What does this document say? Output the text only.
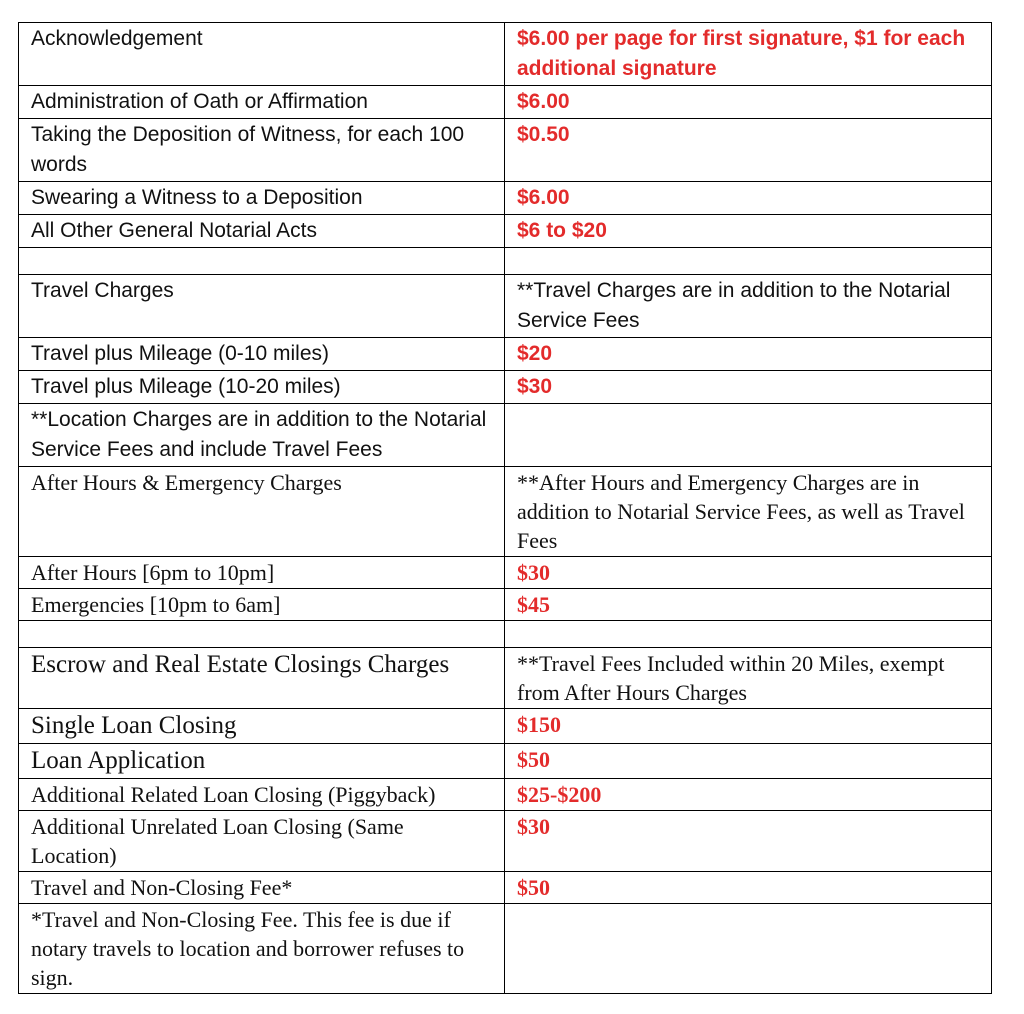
Acknowledgement	$6.00 per page for first signature, $1 for each additional signature
Administration of Oath or Affirmation	$6.00
Taking the Deposition of Witness, for each 100 words	$0.50
Swearing a Witness to a Deposition	$6.00
All Other General Notarial Acts	$6 to $20

Travel Charges	**Travel Charges are in addition to the Notarial Service Fees
Travel plus Mileage (0-10 miles)	$20
Travel plus Mileage (10-20 miles)	$30
**Location Charges are in addition to the Notarial Service Fees and include Travel Fees	
After Hours & Emergency Charges	**After Hours and Emergency Charges are in addition to Notarial Service Fees, as well as Travel Fees
After Hours [6pm to 10pm]	$30
Emergencies [10pm to 6am]	$45

Escrow and Real Estate Closings Charges	**Travel Fees Included within 20 Miles, exempt from After Hours Charges
Single Loan Closing	$150
Loan Application	$50
Additional Related Loan Closing (Piggyback)	$25-$200
Additional Unrelated Loan Closing (Same Location)	$30
Travel and Non-Closing Fee*	$50
*Travel and Non-Closing Fee. This fee is due if notary travels to location and borrower refuses to sign.	
